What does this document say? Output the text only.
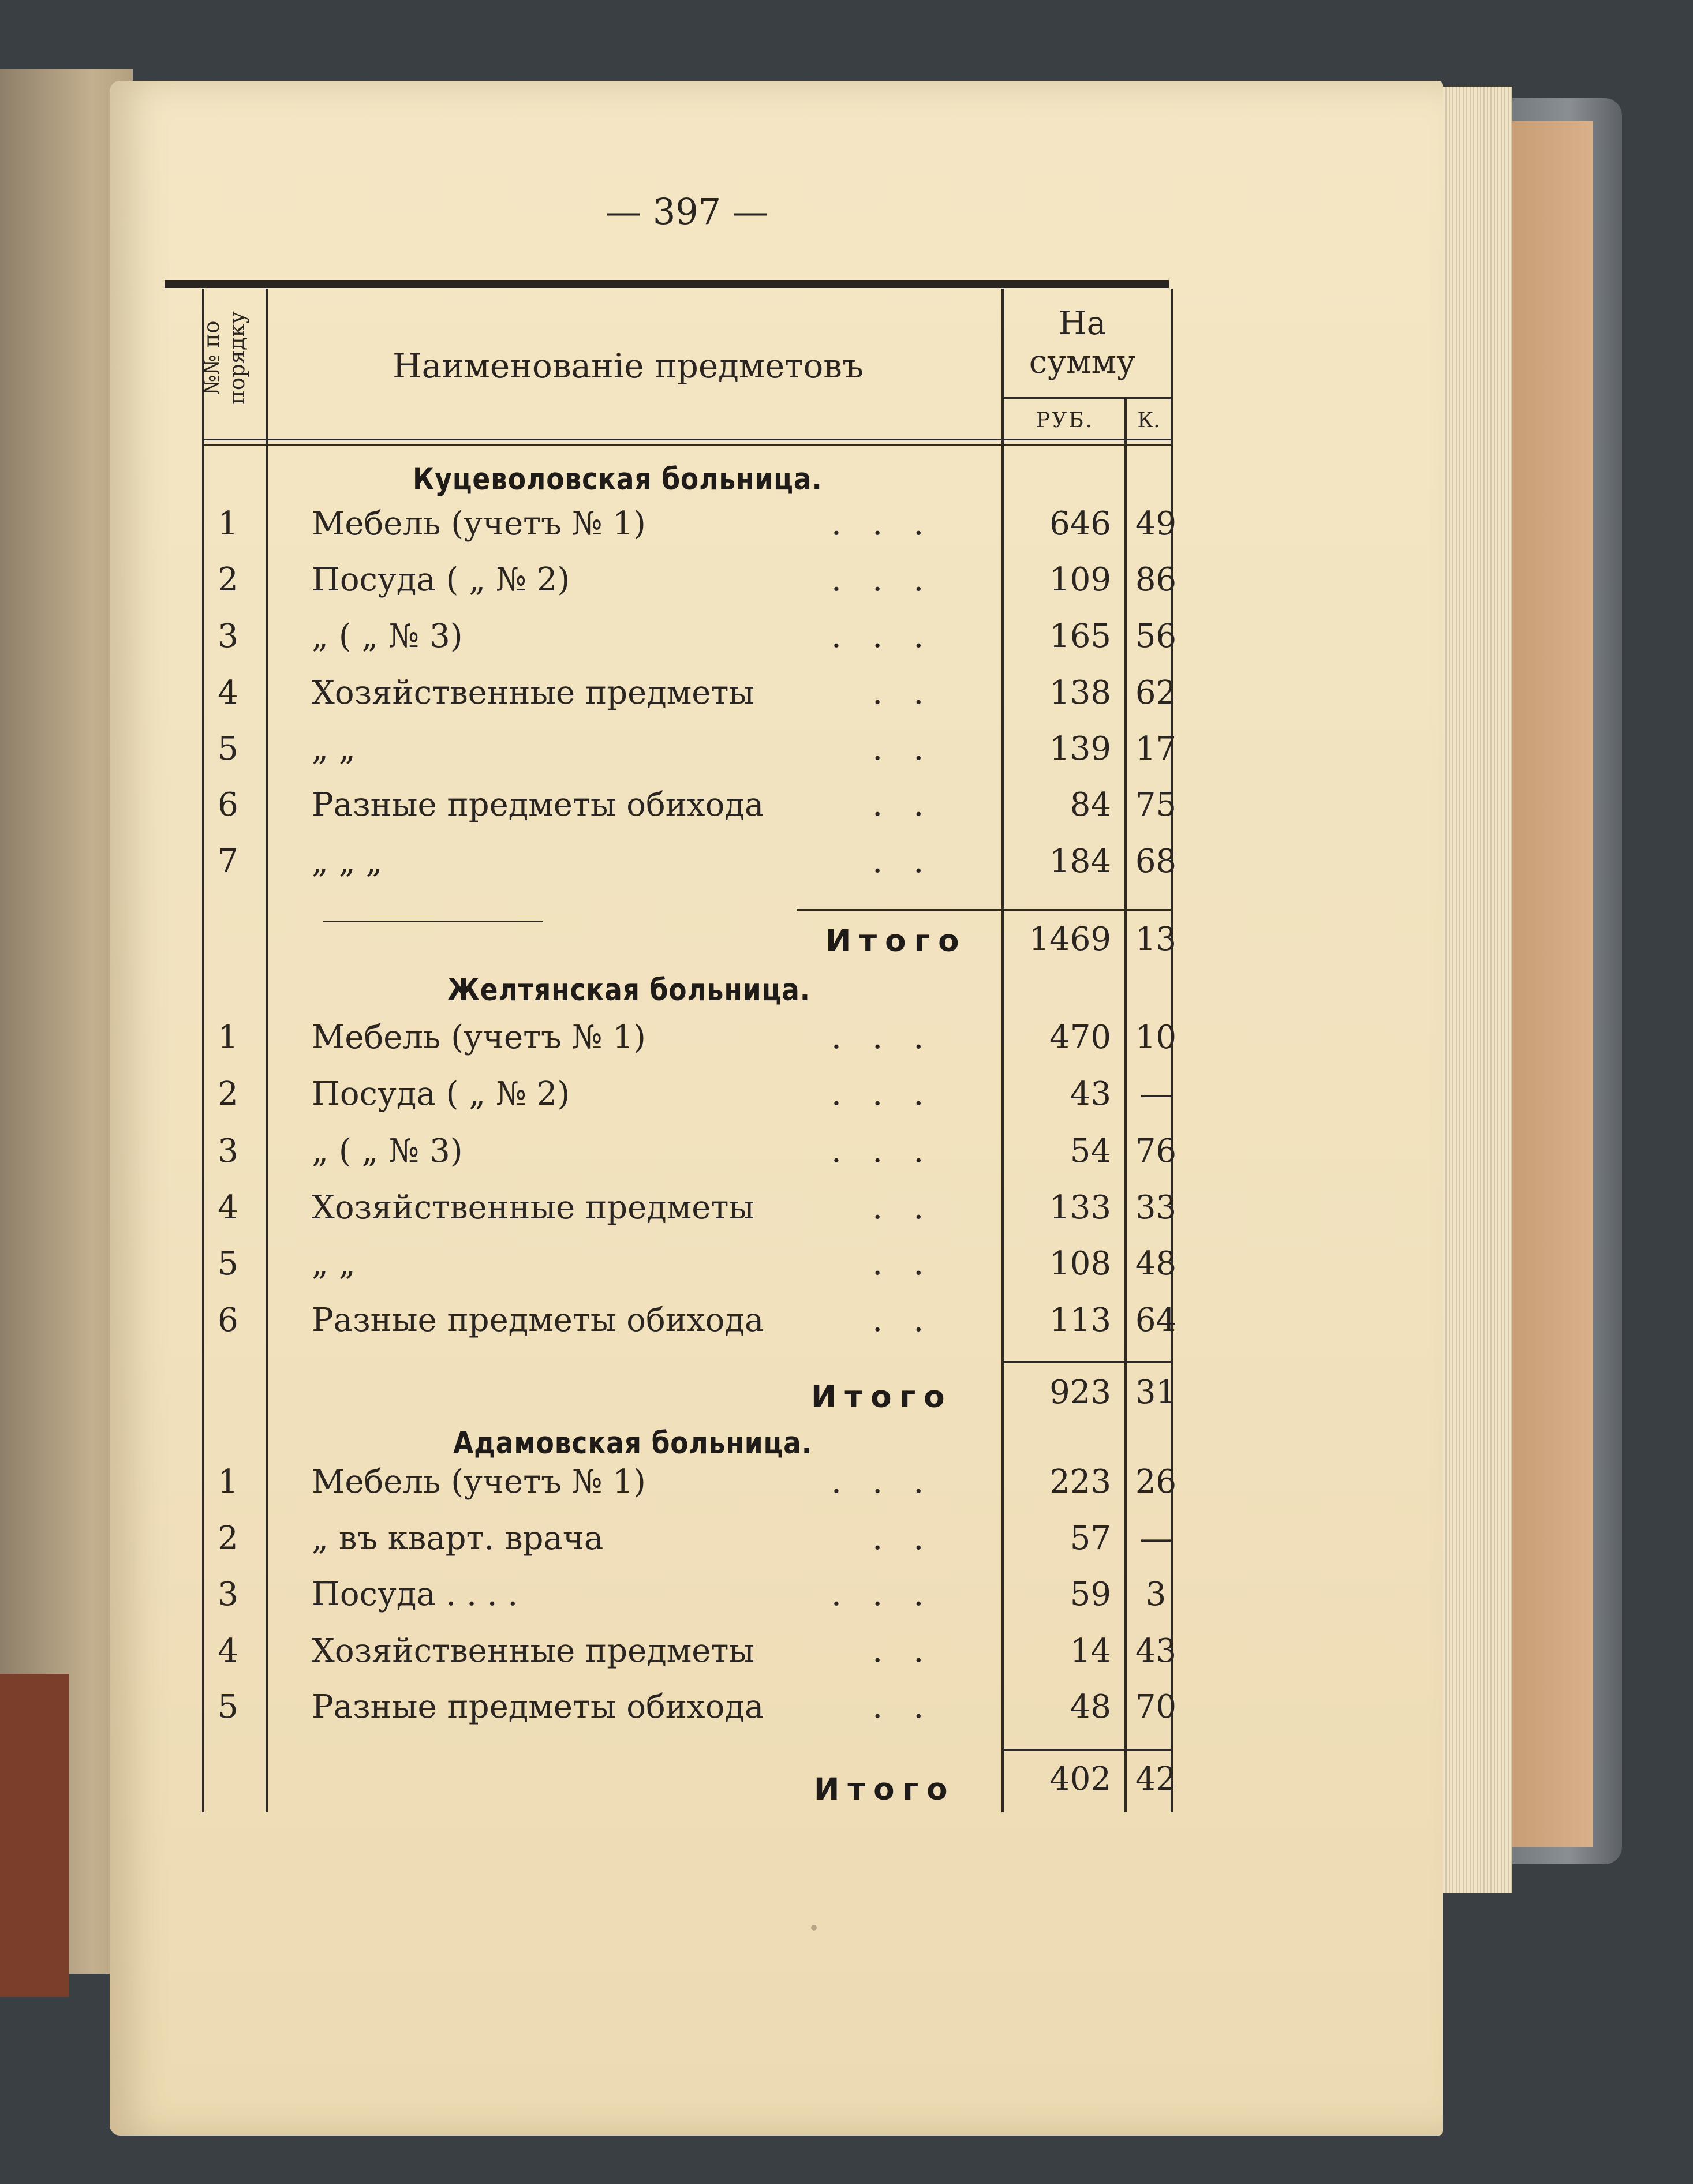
— 397 —
№№ по порядку	Наименованіе предметовъ
На
сумму
РУБ.	К.
Куцеволовская больница.
1	Мебель (учетъ № 1)	.   .   .	646 49
2	Посуда ( „ № 2)	.   .   .	109 86
3	„ ( „ № 3)	.   .   .	165 56
4	Хозяйственные предметы .   .	138 62
5	„ „	.   .	139 17
6	Разные предметы обихода .   .	84 75
7	„ „ „	.   .	184 68
Итого	1469 13
Желтянская больница.
1	Мебель (учетъ № 1)	.   .   .	470 10
2	Посуда ( „ № 2)	.   .   .	43 —
3	„ ( „ № 3)	.   .   .	54 76
4	Хозяйственные предметы .   .	133 33
5	„ „	.   .	108 48
6	Разные предметы обихода .   .	113 64
Итого	923 31
Адамовская больница.
1	Мебель (учетъ № 1)	.   .   .	223 26
2	„ въ кварт. врача	.   .	57 —
3	Посуда . . . .	.   .   .	59	3
4	Хозяйственные предметы .   .	14 43
5	Разные предметы обихода .   .	48 70
Итого	402 42
